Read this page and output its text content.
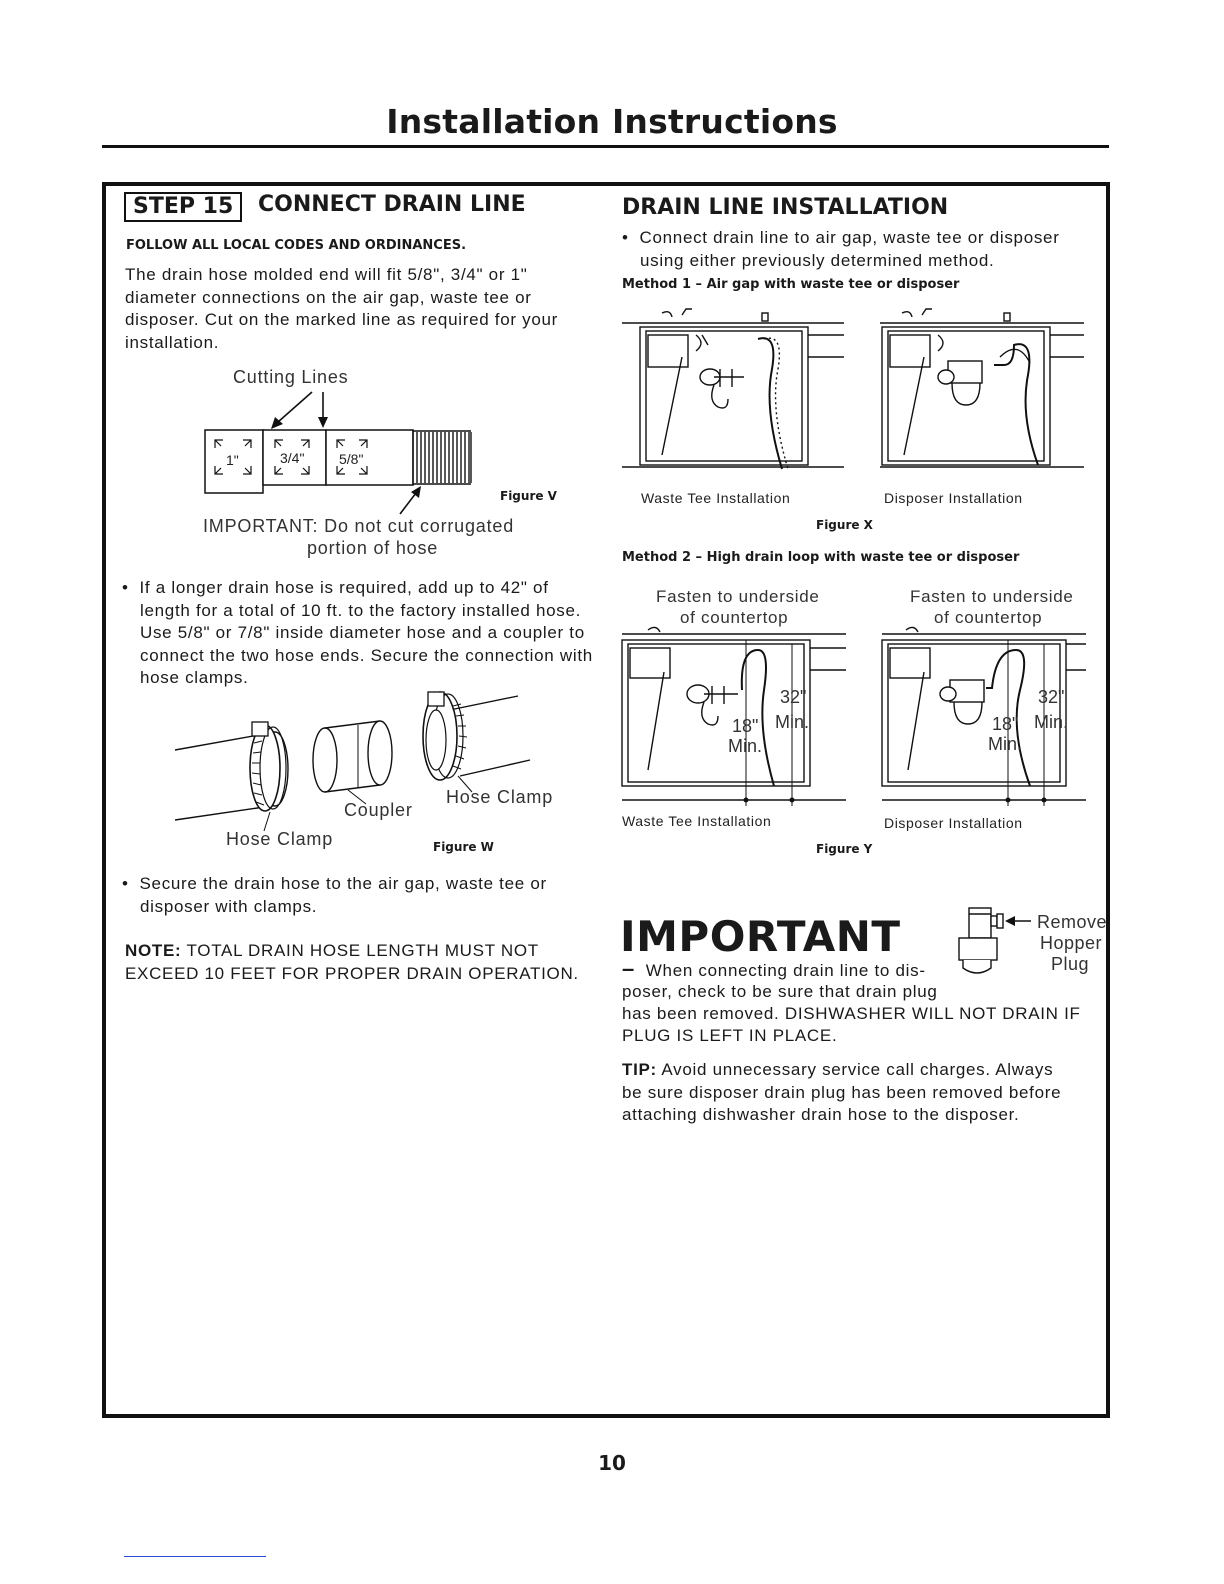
Installation Instructions
STEP 15	CONNECT DRAIN LINE
FOLLOW ALL LOCAL CODES AND ORDINANCES.
The drain hose molded end will fit 5/8", 3/4" or 1" diameter connections on the air gap, waste tee or disposer. Cut on the marked line as required for your installation.
Cutting Lines
1"	3/4" 5/8"
IMPORTANT: Do not cut corrugated
portion of hose
Figure V
•  If a longer drain hose is required, add up to 42" of length for a total of 10 ft. to the factory installed hose. Use 5/8" or 7/8" inside diameter hose and a coupler to connect the two hose ends. Secure the connection with hose clamps.
Coupler
Hose Clamp
Hose Clamp	Figure W
•  Secure the drain hose to the air gap, waste tee or disposer with clamps.
NOTE: TOTAL DRAIN HOSE LENGTH MUST NOT EXCEED 10 FEET FOR PROPER DRAIN OPERATION.
DRAIN LINE INSTALLATION
•  Connect drain line to air gap, waste tee or disposer using either previously determined method.
Method 1 – Air gap with waste tee or disposer
Waste Tee Installation	Disposer Installation
Figure X
Method 2 – High drain loop with waste tee or disposer
Fasten to underside
of countertop
Fasten to underside
of countertop
32"
Min.
18"
Min.
32"
Min.
18"
Min.
Waste Tee Installation	Disposer Installation
Figure Y
IMPORTANT	Remove
Hopper
Plug
– When connecting drain line to dis-
poser, check to be sure that drain plug
has been removed. DISHWASHER WILL NOT DRAIN IF
PLUG IS LEFT IN PLACE.
TIP: Avoid unnecessary service call charges. Always be sure disposer drain plug has been removed before attaching dishwasher drain hose to the disposer.
10
